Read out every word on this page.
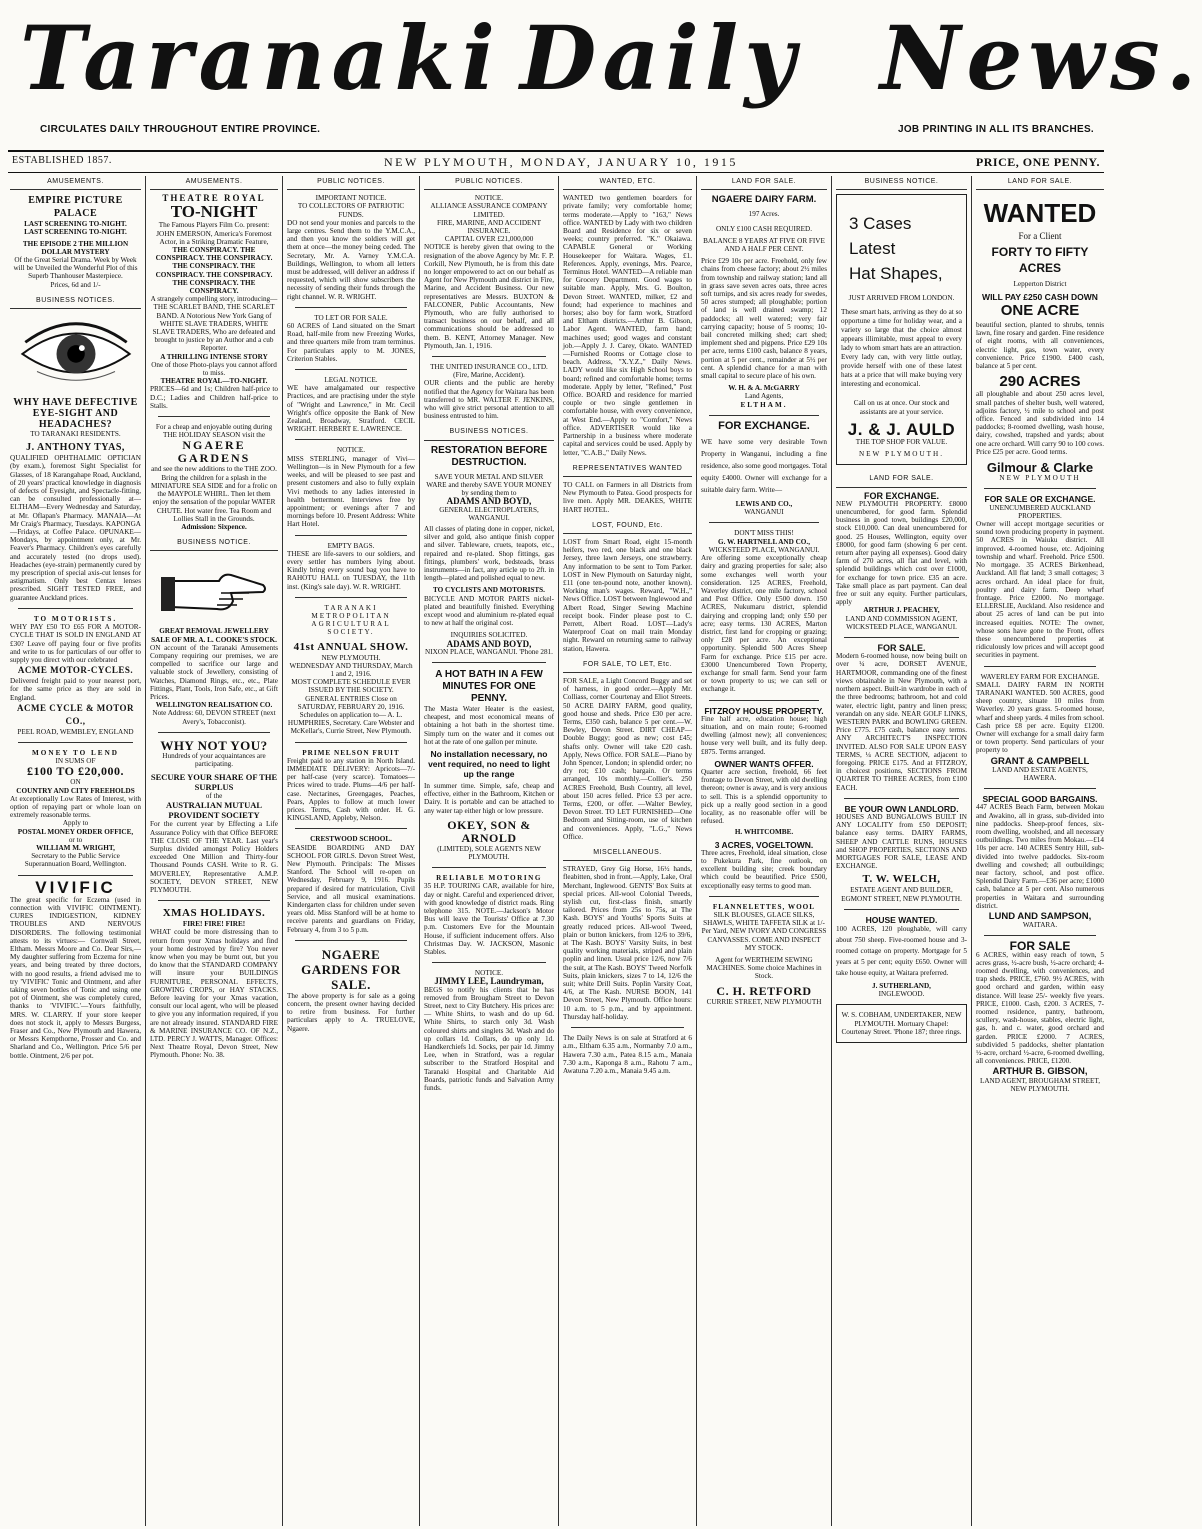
Taranaki Daily News.
CIRCULATES DAILY THROUGHOUT ENTIRE PROVINCE.	JOB PRINTING IN ALL ITS BRANCHES.
ESTABLISHED 1857.	NEW PLYMOUTH, MONDAY, JANUARY 10, 1915	PRICE, ONE PENNY.
AMUSEMENTS.
EMPIRE PICTURE PALACE
LAST SCREENING TO-NIGHT.
LAST SCREENING TO-NIGHT.
THE EPISODE 2 THE MILLION DOLLAR MYSTERY
Of the Great Serial Drama. Week by Week will be Unveiled the Wonderful Plot of this Superb Thanhouser Masterpiece.
Prices, 6d and 1/-
BUSINESS NOTICES.
WHY HAVE DEFECTIVE EYE-SIGHT AND HEADACHES?
TO TARANAKI RESIDENTS.
J. ANTHONY TYAS,
QUALIFIED OPHTHALMIC OPTICIAN (by exam.), foremost Sight Specialist for Glasses, of 18 Karangahape Road, Auckland, of 20 years' practical knowledge in diagnosis of defects of Eyesight, and Spectacle-fitting, can be consulted professionally at— ELTHAM—Every Wednesday and Saturday, at Mr. Oflapan's Pharmacy. MANAIA—At Mr Craig's Pharmacy, Tuesdays. KAPONGA—Fridays, at Coffee Palace. OPUNAKE—Mondays, by appointment only, at Mr. Feaver's Pharmacy. Children's eyes carefully and accurately tested (no drops used). Headaches (eye-strain) permanently cured by my prescription of special axis-cut lenses for astigmatism. Only best Centax lenses prescribed. SIGHT TESTED FREE, and guarantee Auckland prices.
TO MOTORISTS.
WHY PAY £50 TO £65 FOR A MOTOR-CYCLE THAT IS SOLD IN ENGLAND AT £30? Leave off paying four or five profits and write to us for particulars of our offer to supply you direct with our celebrated
ACME MOTOR-CYCLES.
Delivered freight paid to your nearest port, for the same price as they are sold in England.
ACME CYCLE & MOTOR CO.,
PEEL ROAD, WEMBLEY, ENGLAND
MONEY TO LEND
IN SUMS OF
£100 TO £20,000.
ON
COUNTRY AND CITY FREEHOLDS
At exceptionally Low Rates of Interest, with option of repaying part or whole loan on extremely reasonable terms.
Apply to
POSTAL MONEY ORDER OFFICE,
or to
WILLIAM M. WRIGHT,
Secretary to the Public Service Superannuation Board, Wellington.
VIVIFIC
The great specific for Eczema (used in connection with VIVIFIC OINTMENT). CURES INDIGESTION, KIDNEY TROUBLES AND NERVOUS DISORDERS. The following testimonial attests to its virtues:— Cornwall Street, Eltham. Messrs Moore and Co. Dear Sirs,—My daughter suffering from Eczema for nine years, and being treated by three doctors, with no good results, a friend advised me to try 'VIVIFIC' Tonic and Ointment, and after taking seven bottles of Tonic and using one pot of Ointment, she was completely cured, thanks to 'VIVIFIC.'—Yours faithfully, MRS. W. CLARRY. If your store keeper does not stock it, apply to Messrs Burgess, Fraser and Co., New Plymouth and Hawera, or Messrs Kempthorne, Prosser and Co. and Sharland and Co., Wellington. Price 5/6 per bottle. Ointment, 2/6 per pot.
AMUSEMENTS.
THEATRE ROYAL
TO-NIGHT
The Famous Players Film Co. present: JOHN EMERSON, America's Foremost Actor, in a Striking Dramatic Feature,
THE CONSPIRACY. THE CONSPIRACY. THE CONSPIRACY. THE CONSPIRACY. THE CONSPIRACY. THE CONSPIRACY. THE CONSPIRACY. THE CONSPIRACY.
A strangely compelling story, introducing— THE SCARLET BAND, THE SCARLET BAND. A Notorious New York Gang of WHITE SLAVE TRADERS, WHITE SLAVE TRADERS, Who are defeated and brought to justice by an Author and a cub Reporter.
A THRILLING INTENSE STORY
One of those Photo-plays you cannot afford to miss.
THEATRE ROYAL—TO-NIGHT.
PRICES—6d and 1s; Children half-price to D.C.; Ladies and Children half-price to Stalls.
For a cheap and enjoyable outing during THE HOLIDAY SEASON visit the
NGAERE GARDENS
and see the new additions to the THE ZOO. Bring the children for a splash in the MINIATURE SEA SIDE and for a frolic on the MAYPOLE WHIRL. Then let them enjoy the sensation of the popular WATER CHUTE. Hot water free. Tea Room and Lollies Stall in the Grounds.
Admission: Sixpence.
BUSINESS NOTICE.
GREAT REMOVAL JEWELLERY SALE OF MR. A. L. COOKE'S STOCK.
ON account of the Taranaki Amusements Company requiring our premises, we are compelled to sacrifice our large and valuable stock of Jewellery, consisting of Watches, Diamond Rings, etc., etc., Plate Fittings, Plant, Tools, Iron Safe, etc., at Gift Prices.
WELLINGTON REALISATION CO.
Note Address: 60, DEVON STREET (next Avery's, Tobacconist).
WHY NOT YOU?
Hundreds of your acquaintances are participating.
SECURE YOUR SHARE OF THE SURPLUS
of the
AUSTRALIAN MUTUAL PROVIDENT SOCIETY
For the current year by Effecting a Life Assurance Policy with that Office BEFORE THE CLOSE OF THE YEAR. Last year's Surplus divided amongst Policy Holders exceeded One Million and Thirty-four Thousand Pounds CASH. Write to R. G. MOVERLEY, Representative A.M.P. SOCIETY, DEVON STREET, NEW PLYMOUTH.
XMAS HOLIDAYS.
FIRE! FIRE! FIRE!
WHAT could be more distressing than to return from your Xmas holidays and find your home destroyed by fire? You never know when you may be burnt out, but you do know that the STANDARD COMPANY will insure your BUILDINGS FURNITURE, PERSONAL EFFECTS, GROWING CROPS, or HAY STACKS. Before leaving for your Xmas vacation, consult our local agent, who will be pleased to give you any information required, if you are not already insured. STANDARD FIRE & MARINE INSURANCE CO. OF N.Z., LTD. PERCY J. WATTS, Manager. Offices: Next Theatre Royal, Devon Street, New Plymouth. Phone: No. 38.
PUBLIC NOTICES.
IMPORTANT NOTICE.
TO COLLECTORS OF PATRIOTIC FUNDS.
DO not send your monies and parcels to the large centres. Send them to the Y.M.C.A., and then you know the soldiers will get them at once—the money being ceded. The Secretary, Mr. A. Varney Y.M.C.A. Buildings, Wellington, to whom all letters must be addressed, will deliver an address if requested, which will show subscribers the necessity of sending their funds through the right channel. W. R. WRIGHT.
TO LET OR FOR SALE.
60 ACRES of Land situated on the Smart Road, half-mile from new Freezing Works, and three quarters mile from tram terminus. For particulars apply to M. JONES, Criterion Stables.
LEGAL NOTICE.
WE have amalgamated our respective Practices, and are practising under the style of "Wright and Lawrence," in Mr. Cecil Wright's office opposite the Bank of New Zealand, Broadway, Stratford. CECIL WRIGHT. HERBERT E. LAWRENCE.
NOTICE.
MISS STERLING, manager of Vivi—Wellington—is in New Plymouth for a few weeks, and will be pleased to see past and present customers and also to fully explain Vivi methods to any ladies interested in health betterment. Interviews free by appointment; or evenings after 7 and mornings before 10. Present Address: White Hart Hotel.
EMPTY BAGS.
THESE are life-savers to our soldiers, and every settler has numbers lying about. Kindly bring every sound bag you have to RAHOTU HALL on TUESDAY, the 11th inst. (King's sale day). W. R. WRIGHT.
TARANAKI METROPOLITAN AGRICULTURAL SOCIETY.
41st ANNUAL SHOW.
NEW PLYMOUTH.
WEDNESDAY AND THURSDAY, March 1 and 2, 1916.
MOST COMPLETE SCHEDULE EVER ISSUED BY THE SOCIETY.
GENERAL ENTRIES Close on SATURDAY, FEBRUARY 20, 1916.
Schedules on application to— A. L. HUMPHRIES, Secretary. Care Webster and McKellar's, Currie Street, New Plymouth.
PRIME NELSON FRUIT
Freight paid to any station in North Island. IMMEDIATE DELIVERY: Apricots—7/- per half-case (very scarce). Tomatoes—Prices wired to trade. Plums—4/6 per half-case. Nectarines, Greengages, Peaches, Pears, Apples to follow at much lower prices. Terms, Cash with order. H. G. KINGSLAND, Appleby, Nelson.
CRESTWOOD SCHOOL.
SEASIDE BOARDING AND DAY SCHOOL FOR GIRLS. Devon Street West, New Plymouth. Principals: The Misses Stanford. The School will re-open on Wednesday, February 9, 1916. Pupils prepared if desired for matriculation, Civil Service, and all musical examinations. Kindergarten class for children under seven years old. Miss Stanford will be at home to receive parents and guardians on Friday, February 4, from 3 to 5 p.m.
NGAERE GARDENS FOR SALE.
The above property is for sale as a going concern, the present owner having decided to retire from business. For further particulars apply to A. TRUELOVE, Ngaere.
PUBLIC NOTICES.
NOTICE.
ALLIANCE ASSURANCE COMPANY LIMITED.
FIRE, MARINE, AND ACCIDENT INSURANCE.
CAPITAL OVER £21,000,000
NOTICE is hereby given that owing to the resignation of the above Agency by Mr. F. P. Corkill, New Plymouth, he is from this date no longer empowered to act on our behalf as Agent for New Plymouth and district in Fire, Marine, and Accident Business. Our new representatives are Messrs. BUXTON & FALCONER, Public Accountants, New Plymouth, who are fully authorised to transact business on our behalf, and all communications should be addressed to them. B. KENT, Attorney Manager. New Plymouth, Jan. 1, 1916.
THE UNITED INSURANCE CO., LTD. (Fire, Marine, Accident).
OUR clients and the public are hereby notified that the Agency for Waitara has been transferred to MR. WALTER F. JENKINS, who will give strict personal attention to all business entrusted to him.
BUSINESS NOTICES.
RESTORATION BEFORE DESTRUCTION.
SAVE YOUR METAL AND SILVER WARE and thereby SAVE YOUR MONEY by sending them to
ADAMS AND BOYD,
GENERAL ELECTROPLATERS, WANGANUI.
All classes of plating done in copper, nickel, silver and gold, also antique finish copper and silver. Tableware, cruets, teapots, etc., repaired and re-plated. Shop fittings, gas fittings, plumbers' work, bedsteads, brass instruments—in fact, any article up to 2ft. in length—plated and polished equal to new.
TO CYCLISTS AND MOTORISTS.
BICYCLE AND MOTOR PARTS nickel-plated and beautifully finished. Everything except wood and aluminium re-plated equal to new at half the original cost.
INQUIRIES SOLICITED.
ADAMS AND BOYD,
NIXON PLACE, WANGANUI. 'Phone 281.
A HOT BATH IN A FEW MINUTES FOR ONE PENNY.
The Masta Water Heater is the easiest, cheapest, and most economical means of obtaining a hot bath in the shortest time. Simply turn on the water and it comes out hot at the rate of one gallon per minute.
No installation necessary, no vent required, no need to light up the range
In summer time. Simple, safe, cheap and effective, either in the Bathroom, Kitchen or Dairy. It is portable and can be attached to any water tap either high or low pressure.
OKEY, SON & ARNOLD
(LIMITED), SOLE AGENTS NEW PLYMOUTH.
RELIABLE MOTORING
35 H.P. TOURING CAR, available for hire, day or night. Careful and experienced driver, with good knowledge of district roads. Ring telephone 315. NOTE.—Jackson's Motor Bus will leave the Tourists' Office at 7.30 p.m. Customers Eve for the Mountain House, if sufficient inducement offers. Also Christmas Day. W. JACKSON, Masonic Stables.
NOTICE.
JIMMY LEE, Laundryman,
BEGS to notify his clients that he has removed from Brougham Street to Devon Street, next to City Butchery. His prices are:— White Shirts, to wash and do up 6d. White Shirts, to starch only 3d. Wash coloured shirts and singlets 3d. Wash and do up collars 1d. Collars, do up only 1d. Handkerchiefs 1d. Socks, per pair 1d. Jimmy Lee, when in Stratford, was a regular subscriber to the Stratford Hospital and Taranaki Hospital and Charitable Aid Boards, patriotic funds and Salvation Army funds.
WANTED, ETC.
WANTED two gentlemen boarders for private family; very comfortable home; terms moderate.—Apply to "163," News office. WANTED by Lady with two children Board and Residence for six or seven weeks; country preferred. "K." Okaiawa. CAPABLE General or Working Housekeeper for Waitara. Wages, £1. References. Apply, evenings, Mrs. Pearce, Terminus Hotel. WANTED—A reliable man for Grocery Department. Good wages to suitable man. Apply, Mrs. G. Boulton, Devon Street. WANTED, milker, £2 and found; had experience to machines and horses; also boy for farm work, Stratford and Eltham districts.—Arthur B. Gibson, Labor Agent. WANTED, farm hand; machines used; good wages and constant job.—Apply J. J. Carey, Okato. WANTED—Furnished Rooms or Cottage close to beach. Address, "X.Y.Z.," Daily News. LADY would like six High School boys to board; refined and comfortable home; terms moderate. Apply by letter, "Refined," Post Office. BOARD and residence for married couple or two single gentlemen in comfortable house, with every convenience, at West End.—Apply to "Comfort," News office. ADVERTISER would like a Partnership in a business where moderate capital and services could be used. Apply by letter, "C.A.B.," Daily News.
REPRESENTATIVES WANTED
TO CALL on Farmers in all Districts from New Plymouth to Patea. Good prospects for live men. Apply MR. DEAKES, WHITE HART HOTEL.
LOST, FOUND, Etc.
LOST from Smart Road, eight 15-month heifers, two red, one black and one black Jersey, three lawn Jerseys, one strawberry. Any information to be sent to Tom Parker. LOST in New Plymouth on Saturday night, £11 (one ten-pound note, another known). Working man's wages. Reward, "W.H.," News Office. LOST between Inglewood and Albert Road, Singer Sewing Machine receipt book. Finder please post to C. Perrett, Albert Road. LOST—Lady's Waterproof Coat on mail train Monday night. Reward on returning same to railway station, Hawera.
FOR SALE, TO LET, Etc.
FOR SALE, a Light Concord Buggy and set of harness, in good order.—Apply Mr. Colliass, corner Courtenay and Eliot Streets. 50 ACRE DAIRY FARM, good quality, good house and sheds. Price £30 per acre. Terms, £350 cash, balance 5 per cent.—W. Bewley, Devon Street. DIRT CHEAP—Double Buggy; good as new; cost £45; shafts only. Owner will take £20 cash. Apply, News Office. FOR SALE—Piano by John Spencer, London; in splendid order; no dry rot; £10 cash; bargain. Or terms arranged, 10s monthly.—Collier's. 250 ACRES Freehold, Bush Country, all level, about 150 acres felled. Price £3 per acre. Terms, £200, or offer. —Walter Bewley, Devon Street. TO LET FURNISHED—One Bedroom and Sitting-room, use of kitchen and conveniences. Apply, "L.G.," News Office.
MISCELLANEOUS.
STRAYED, Grey Gig Horse, 16½ hands, fleabitten, shod in front.—Apply, Lake, Oral Merchant, Inglewood. GENTS' Box Suits at special prices. All-wool Colonial Tweeds, stylish cut, first-class finish, smartly tailored. Prices from 25s to 75s, at The Kash. BOYS' and Youths' Sports Suits at greatly reduced prices. All-wool Tweed, plain or button knickers, from 12/6 to 39/6, at The Kash. BOYS' Varsity Suits, in best quality working materials, striped and plain poplin and linen. Usual price 12/6, now 7/6 the suit, at The Kash. BOYS' Tweed Norfolk Suits, plain knickers, sizes 7 to 14, 12/6 the suit; white Drill Suits. Poplin Varsity Coat, 4/6, at The Kash. NURSE BOON, 141 Devon Street, New Plymouth. Office hours: 10 a.m. to 5 p.m., and by appointment. Thursday half-holiday.
The Daily News is on sale at Stratford at 6 a.m., Eltham 6.35 a.m., Normanby 7.0 a.m., Hawera 7.30 a.m., Patea 8.15 a.m., Manaia 7.30 a.m., Kaponga 8 a.m., Rahotu 7 a.m., Awatuna 7.20 a.m., Manaia 9.45 a.m.
LAND FOR SALE.
NGAERE DAIRY FARM.
197 Acres.
ONLY £100 CASH REQUIRED.
BALANCE 8 YEARS AT FIVE OR FIVE AND A HALF PER CENT.
Price £29 10s per acre. Freehold, only few chains from cheese factory; about 2½ miles from township and railway station; land all in grass save seven acres oats, three acres soft turnips, and six acres ready for swedes, 50 acres stumped; all ploughable; portion of land is well drained swamp; 12 paddocks; all well watered; very fair carrying capacity; house of 5 rooms; 10-bail concreted milking shed; cart shed; implement shed and pigpens. Price £29 10s per acre, terms £100 cash, balance 8 years, portion at 5 per cent., remainder at 5½ per cent. A splendid chance for a man with small capital to secure place of his own.
W. H. & A. McGARRY
Land Agents,
ELTHAM.
FOR EXCHANGE.
WE have some very desirable Town Property in Wanganui, including a fine residence, also some good mortgages. Total equity £4000. Owner will exchange for a suitable dairy farm. Write—
LEWIS AND CO.,
WANGANUI
DON'T MISS THIS!
G. W. HARTNELL AND CO.,
WICKSTEED PLACE, WANGANUI.
Are offering some exceptionally cheap dairy and grazing properties for sale; also some exchanges well worth your consideration. 125 ACRES, Freehold, Waverley district, one mile factory, school and Post Office. Only £500 down. 150 ACRES, Nukumaru district, splendid dairying and cropping land; only £50 per acre; easy terms. 130 ACRES, Marton district, first land for cropping or grazing; only £28 per acre. An exceptional opportunity. Splendid 500 Acres Sheep Farm for exchange. Price £15 per acre. £3000 Unencumbered Town Property, exchange for small farm. Send your farm or town property to us; we can sell or exchange it.
FITZROY HOUSE PROPERTY.
Fine half acre, education house; high situation, and on main route; 6-roomed dwelling (almost new); all conveniences; house very well built, and its fully deep. £875. Terms arranged.
OWNER WANTS OFFER.
Quarter acre section, freehold, 66 feet frontage to Devon Street, with old dwelling thereon; owner is away, and is very anxious to sell. This is a splendid opportunity to pick up a really good section in a good locality, as no reasonable offer will be refused.
H. WHITCOMBE.
3 ACRES, VOGELTOWN.
Three acres, Freehold, ideal situation, close to Pukekura Park, fine outlook, on excellent building site; creek boundary which could be beautified. Price £500, exceptionally easy terms to good man.
FLANNELETTES, WOOL
SILK BLOUSES, GLACE SILKS, SHAWLS, WHITE TAFFETA SILK at 1/- Per Yard, NEW IVORY AND CONGRESS CANVASSES. COME AND INSPECT MY STOCK.
Agent for WERTHEIM SEWING MACHINES. Some choice Machines in Stock.
C. H. RETFORD
CURRIE STREET, NEW PLYMOUTH
BUSINESS NOTICE.
3 Cases
Latest
Hat Shapes,
JUST ARRIVED FROM LONDON.
These smart hats, arriving as they do at so opportune a time for holiday wear, and a variety so large that the choice almost appears illimitable, must appeal to every lady to whom smart hats are an attraction. Every lady can, with very little outlay, provide herself with one of these latest hats at a price that will make buying very interesting and economical.
Call on us at once. Our stock and assistants are at your service.
J. & J. AULD
THE TOP SHOP FOR VALUE.
NEW PLYMOUTH.
LAND FOR SALE.
FOR EXCHANGE.
NEW PLYMOUTH PROPERTY. £8000 unencumbered, for good farm. Splendid business in good town, buildings £20,000, stock £10,000. Can deal unencumbered for good. 25 Houses, Wellington, equity over £8000, for good farm (showing 6 per cent. return after paying all expenses). Good dairy farm of 270 acres, all flat and level, with splendid buildings which cost over £1000, for exchange for town price. £35 an acre. Take small place as part payment. Can deal free or suit any equity. Further particulars, apply
ARTHUR J. PEACHEY,
LAND AND COMMISSION AGENT, WICKSTEED PLACE, WANGANUI.
FOR SALE.
Modern 6-roomed house, now being built on over ¼ acre, DORSET AVENUE, HARTMOOR, commanding one of the finest views obtainable in New Plymouth, with a northern aspect. Built-in wardrobe in each of the three bedrooms; bathroom, hot and cold water, electric light, pantry and linen press; verandah on any side. NEAR GOLF LINKS, WESTERN PARK and BOWLING GREEN. Price £775. £75 cash, balance easy terms. ANY ARCHITECT'S INSPECTION INVITED. ALSO FOR SALE UPON EASY TERMS, ¼ ACRE SECTION, adjacent to foregoing. PRICE £175. And at FITZROY, in choicest positions, SECTIONS FROM QUARTER TO THREE ACRES, from £100 EACH.
BE YOUR OWN LANDLORD.
HOUSES AND BUNGALOWS BUILT IN ANY LOCALITY from £50 DEPOSIT; balance easy terms. DAIRY FARMS, SHEEP AND CATTLE RUNS, HOUSES and SHOP PROPERTIES, SECTIONS AND MORTGAGES FOR SALE, LEASE AND EXCHANGE.
T. W. WELCH,
ESTATE AGENT AND BUILDER, EGMONT STREET, NEW PLYMOUTH.
HOUSE WANTED.
100 ACRES, 120 ploughable, will carry about 750 sheep. Five-roomed house and 3-roomed cottage on property. Mortgage for 5 years at 5 per cent; equity £650. Owner will take house equity, at Waitara preferred.
J. SUTHERLAND,
INGLEWOOD.
W. S. COBHAM, UNDERTAKER, NEW PLYMOUTH. Mortuary Chapel: Courtenay Street. 'Phone 187; three rings.
LAND FOR SALE.
WANTED
For a Client
FORTY TO FIFTY ACRES
Lepperton District
WILL PAY £250 CASH DOWN
ONE ACRE
beautiful section, planted to shrubs, tennis lawn, fine rosary and garden. Fine residence of eight rooms, with all conveniences, electric light, gas, town water, every convenience. Price £1900. £400 cash, balance at 5 per cent.
290 ACRES
all ploughable and about 250 acres level, small patches of shelter bush, well watered, adjoins factory, ½ mile to school and post office. Fenced and subdivided into 14 paddocks; 8-roomed dwelling, wash house, dairy, cowshed, trapshed and yards; about one acre orchard. Will carry 90 to 100 cows. Price £25 per acre. Good terms.
Gilmour & Clarke
NEW PLYMOUTH
FOR SALE OR EXCHANGE.
UNENCUMBERED AUCKLAND PROPERTIES.
Owner will accept mortgage securities or sound town producing property in payment. 50 ACRES in Waiuku district. All improved. 4-roomed house, etc. Adjoining township and wharf. Freehold. Price £500. No mortgage. 35 ACRES Birkenhead, Auckland. All flat land; 3 small cottages; 3 acres orchard. An ideal place for fruit, poultry and dairy farm. Deep wharf frontage. Price £2000. No mortgage. ELLERSLIE, Auckland. Also residence and about 25 acres of land can be put into increased equities. NOTE: The owner, whose sons have gone to the Front, offers these unencumbered properties at ridiculously low prices and will accept good securities in payment.
WAVERLEY FARM FOR EXCHANGE.
SMALL DAIRY FARM IN NORTH TARANAKI WANTED. 500 ACRES, good sheep country, situate 10 miles from Waverley. 20 years grass. 5-roomed house, wharf and sheep yards. 4 miles from school. Cash price £8 per acre. Equity £1200. Owner will exchange for a small dairy farm or town property. Send particulars of your property to
GRANT & CAMPBELL
LAND AND ESTATE AGENTS, HAWERA.
SPECIAL GOOD BARGAINS.
447 ACRES Beach Farm, between Mokau and Awakino, all in grass, sub-divided into nine paddocks. Sheep-proof fences, six-room dwelling, woolshed, and all necessary outbuildings. Two miles from Mokau.—£14 10s per acre. 140 ACRES Sentry Hill, sub-divided into twelve paddocks. Six-room dwelling and cowshed; all outbuildings; near factory, school, and post office. Splendid Dairy Farm.—£36 per acre; £1000 cash, balance at 5 per cent. Also numerous properties in Waitara and surrounding district.
LUND AND SAMPSON,
WAITARA.
FOR SALE
6 ACRES, within easy reach of town, 5 acres grass, ½-acre bush, ½-acre orchard; 4-roomed dwelling, with conveniences, and trap sheds. PRICE, £760. 9½ ACRES, with good orchard and garden, within easy distance. Will lease 25/- weekly five years. PRICE, £1000. Cash, £200. 3 ACRES, 7-roomed residence, pantry, bathroom, scullery, wash-house, stables, electric light, gas, h. and c. water, good orchard and garden. PRICE £2000. 7 ACRES, subdivided 5 paddocks, shelter plantation ½-acre, orchard ½-acre, 6-roomed dwelling, all conveniences. PRICE, £1200.
ARTHUR B. GIBSON,
LAND AGENT, BROUGHAM STREET, NEW PLYMOUTH.
